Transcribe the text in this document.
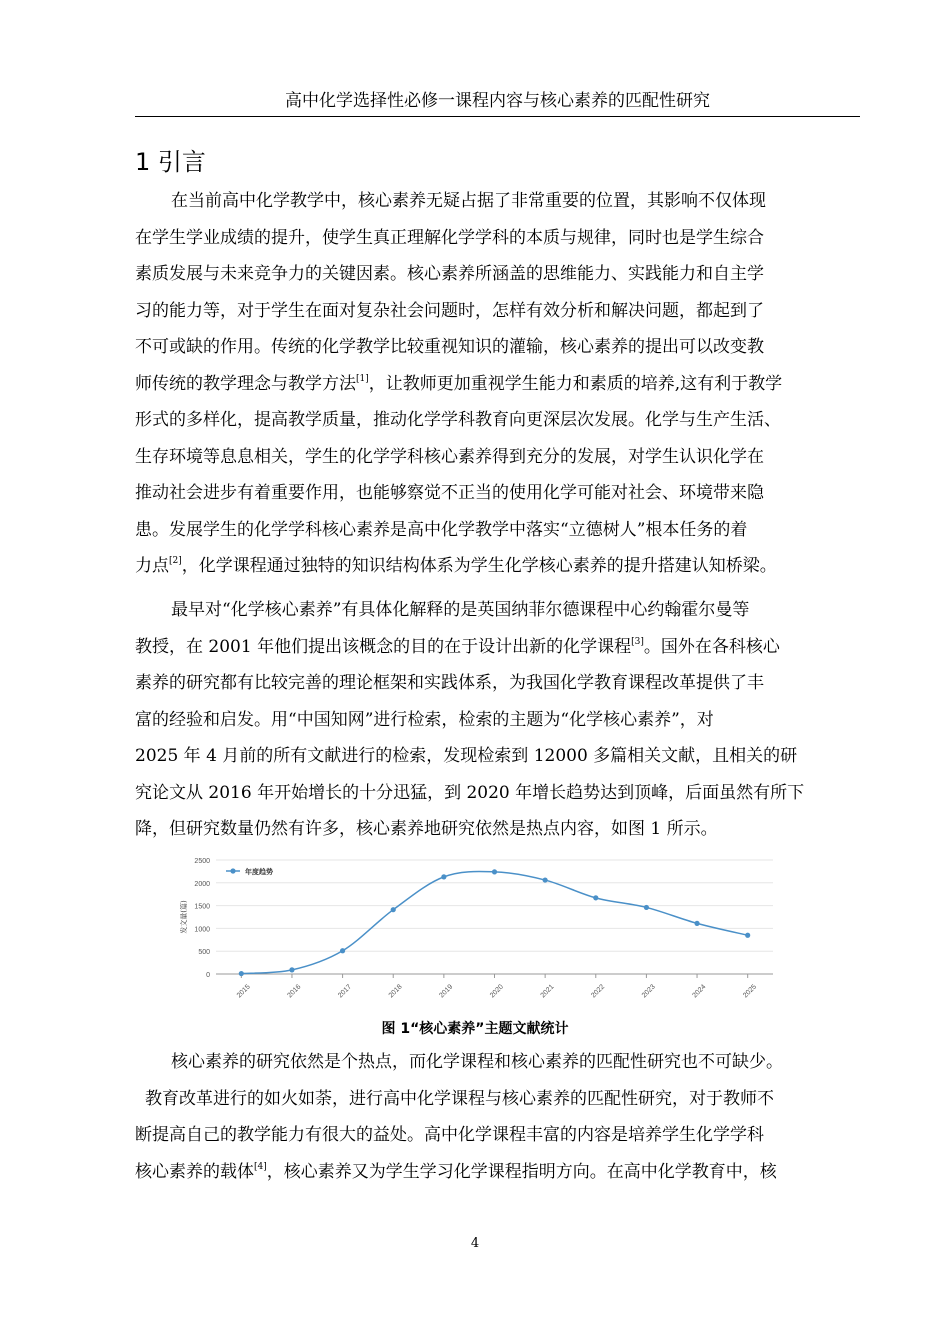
高中化学选择性必修一课程内容与核心素养的匹配性研究
1 引言
在当前高中化学教学中，核心素养无疑占据了非常重要的位置，其影响不仅体现
在学生学业成绩的提升，使学生真正理解化学学科的本质与规律，同时也是学生综合
素质发展与未来竞争力的关键因素。核心素养所涵盖的思维能力、实践能力和自主学
习的能力等，对于学生在面对复杂社会问题时，怎样有效分析和解决问题，都起到了
不可或缺的作用。传统的化学教学比较重视知识的灌输，核心素养的提出可以改变教
师传统的教学理念与教学方法[1]，让教师更加重视学生能力和素质的培养,这有利于教学
形式的多样化，提高教学质量，推动化学学科教育向更深层次发展。化学与生产生活、
生存环境等息息相关，学生的化学学科核心素养得到充分的发展，对学生认识化学在
推动社会进步有着重要作用，也能够察觉不正当的使用化学可能对社会、环境带来隐
患。发展学生的化学学科核心素养是高中化学教学中落实“立德树人”根本任务的着
力点[2]，化学课程通过独特的知识结构体系为学生化学核心素养的提升搭建认知桥梁。
最早对“化学核心素养”有具体化解释的是英国纳菲尔德课程中心约翰霍尔曼等
教授，在 2001 年他们提出该概念的目的在于设计出新的化学课程[3]。国外在各科核心
素养的研究都有比较完善的理论框架和实践体系，为我国化学教育课程改革提供了丰
富的经验和启发。用“中国知网”进行检索，检索的主题为“化学核心素养”，对
2025 年 4 月前的所有文献进行的检索，发现检索到 12000 多篇相关文献，且相关的研
究论文从 2016 年开始增长的十分迅猛，到 2020 年增长趋势达到顶峰，后面虽然有所下
降，但研究数量仍然有许多，核心素养地研究依然是热点内容，如图 1 所示。
0
500
1000
1500
2000
2500
发文量(篇)
2015	2016	2017	2018	2019	2020	2021	2022	2023	2024	2025
年度趋势
图 1“核心素养”主题文献统计
核心素养的研究依然是个热点，而化学课程和核心素养的匹配性研究也不可缺少。
教育改革进行的如火如荼，进行高中化学课程与核心素养的匹配性研究，对于教师不
断提高自己的教学能力有很大的益处。高中化学课程丰富的内容是培养学生化学学科
核心素养的载体[4]，核心素养又为学生学习化学课程指明方向。在高中化学教育中，核
4
